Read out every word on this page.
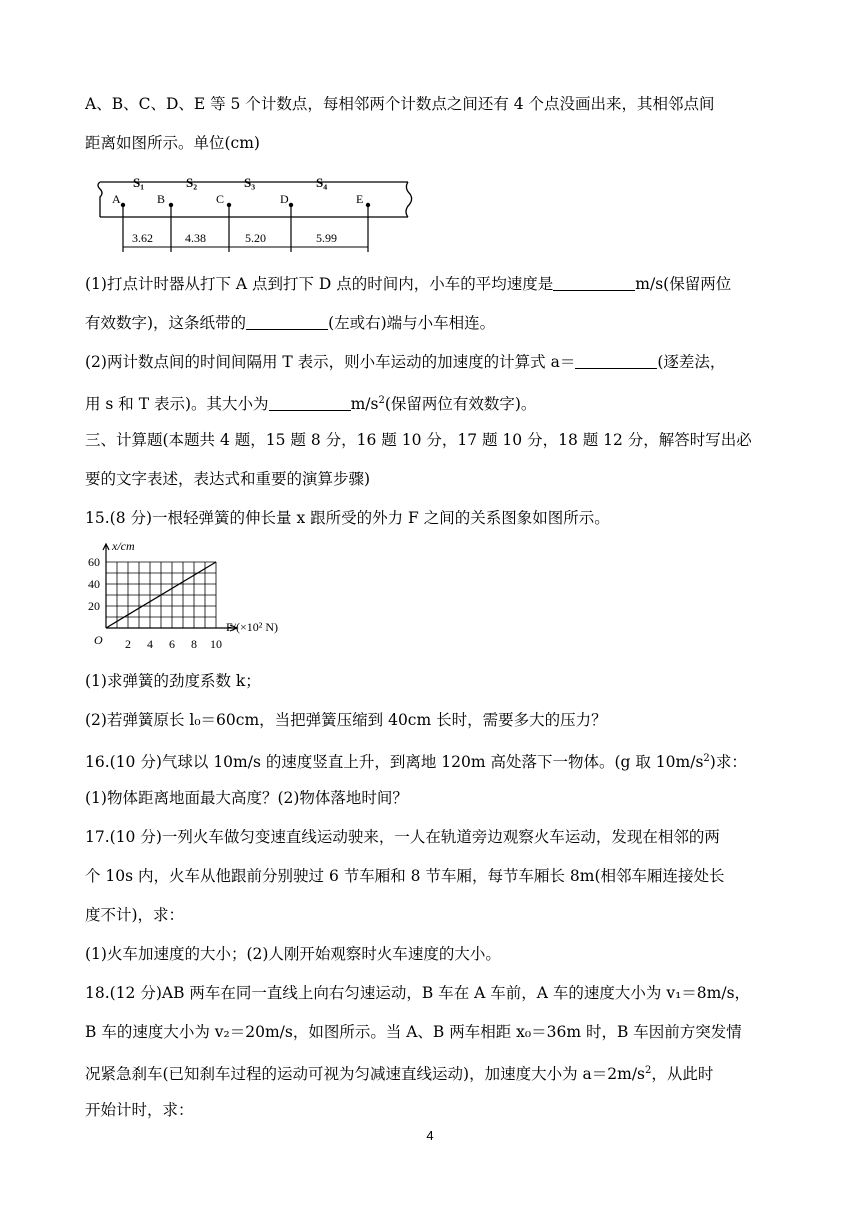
A、B、C、D、E 等 5 个计数点，每相邻两个计数点之间还有 4 个点没画出来，其相邻点间
距离如图所示。单位(cm)
S₁	S₂	S₃	S₄
A	B	C	D	E
3.62	4.38	5.20	5.99
(1)打点计时器从打下 A 点到打下 D 点的时间内，小车的平均速度是	m/s(保留两位
有效数字)，这条纸带的	(左或右)端与小车相连。
(2)两计数点间的时间间隔用 T 表示，则小车运动的加速度的计算式 a＝	(逐差法，
用 s 和 T 表示)。其大小为	$m/s^2$(保留两位有效数字)。
三、计算题(本题共 4 题，15 题 8 分，16 题 10 分，17 题 10 分，18 题 12 分，解答时写出必
要的文字表述，表达式和重要的演算步骤)
15.(8 分)一根轻弹簧的伸长量 x 跟所受的外力 F 之间的关系图象如图所示。
x/cm
F/(×10² N)
O
60
40
20
2 4 6 8 10
(1)求弹簧的劲度系数 k；
(2)若弹簧原长 l₀＝60cm，当把弹簧压缩到 40cm 长时，需要多大的压力？
16.(10 分)气球以 10m/s 的速度竖直上升，到离地 120m 高处落下一物体。(g 取 $10m/s^2$)求：
(1)物体距离地面最大高度？(2)物体落地时间？
17.(10 分)一列火车做匀变速直线运动驶来，一人在轨道旁边观察火车运动，发现在相邻的两
个 10s 内，火车从他跟前分别驶过 6 节车厢和 8 节车厢，每节车厢长 8m(相邻车厢连接处长
度不计)，求：
(1)火车加速度的大小；(2)人刚开始观察时火车速度的大小。
18.(12 分)AB 两车在同一直线上向右匀速运动，B 车在 A 车前，A 车的速度大小为 v₁＝8m/s，
B 车的速度大小为 v₂＝20m/s，如图所示。当 A、B 两车相距 x₀＝36m 时，B 车因前方突发情
况紧急刹车(已知刹车过程的运动可视为匀减速直线运动)，加速度大小为 $a=2m/s^2$，从此时
开始计时，求：
4
